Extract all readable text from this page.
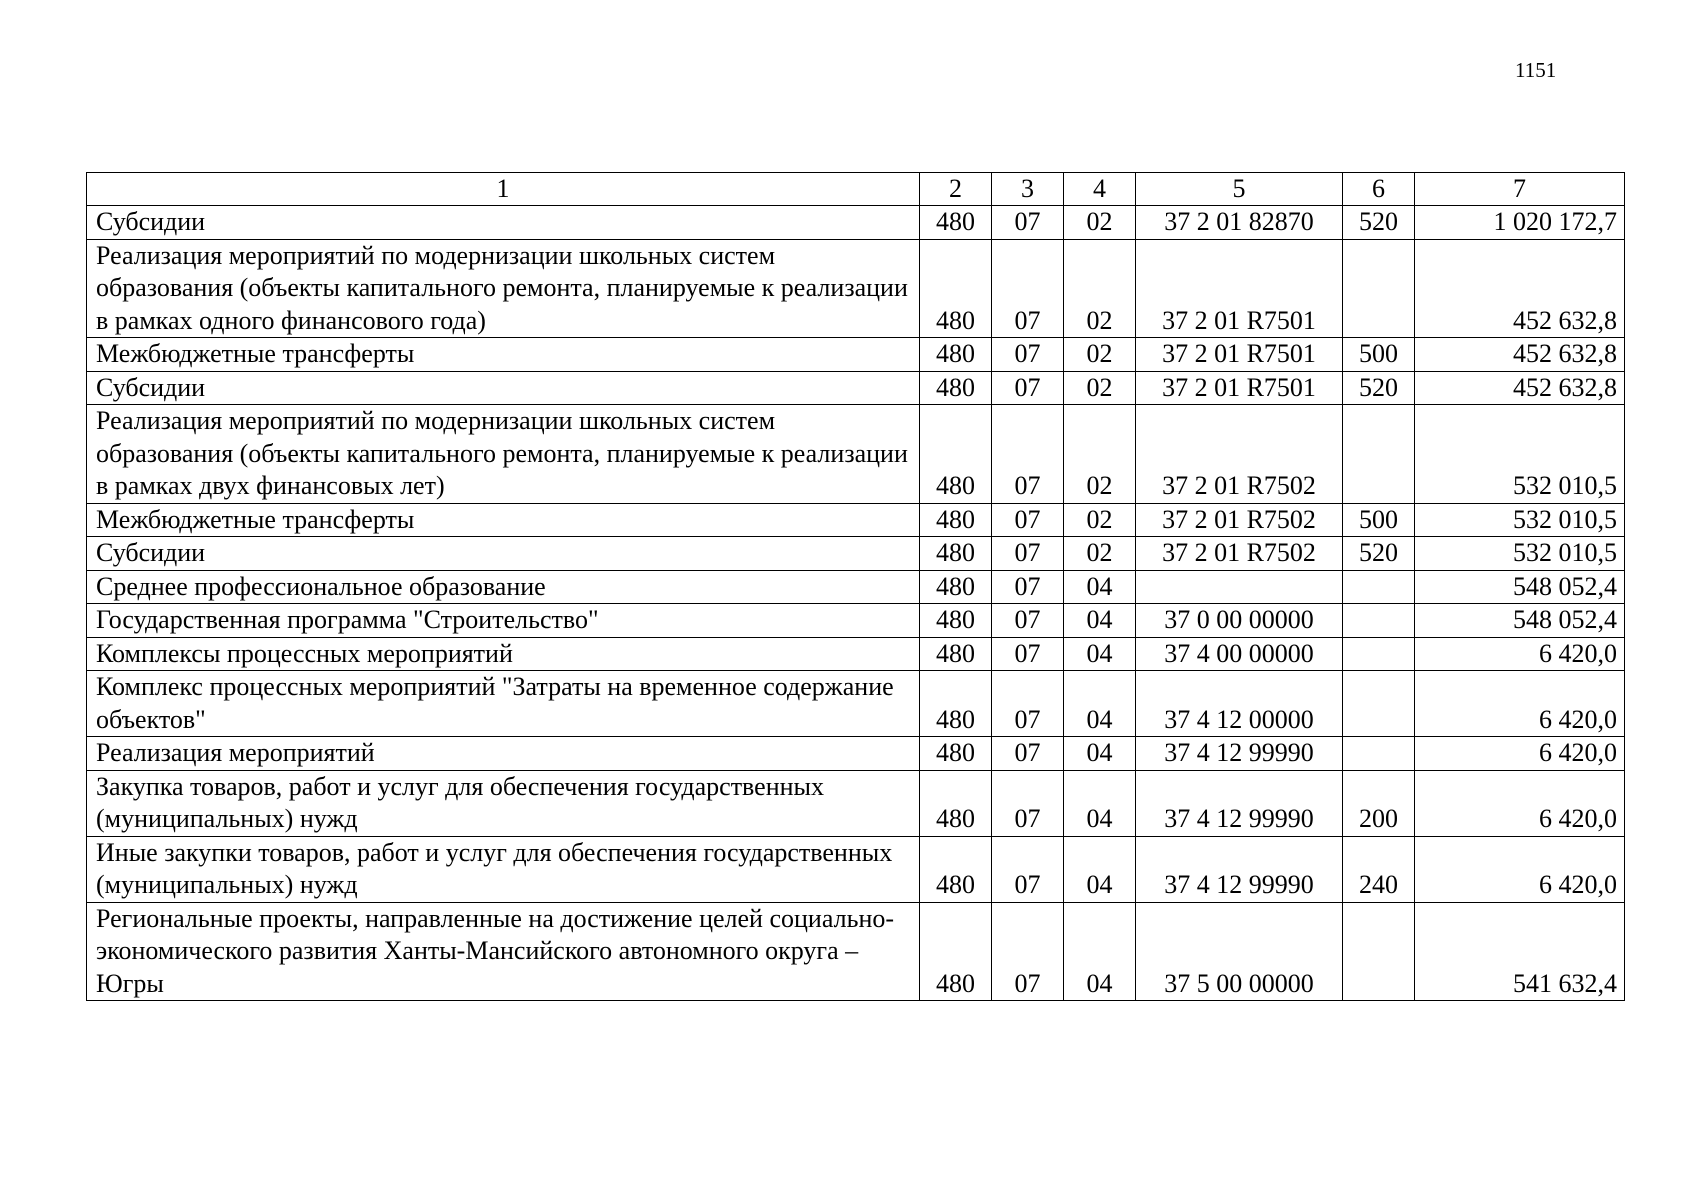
1151
1	2	3	4	5	6	7
Субсидии	480	07	02	37 2 01 82870	520	1 020 172,7
Реализация мероприятий по модернизации школьных систем образования (объекты капитального ремонта, планируемые к реализации в рамках одного финансового года)	480	07	02	37 2 01 R7501		452 632,8
Межбюджетные трансферты	480	07	02	37 2 01 R7501	500	452 632,8
Субсидии	480	07	02	37 2 01 R7501	520	452 632,8
Реализация мероприятий по модернизации школьных систем образования (объекты капитального ремонта, планируемые к реализации в рамках двух финансовых лет)	480	07	02	37 2 01 R7502		532 010,5
Межбюджетные трансферты	480	07	02	37 2 01 R7502	500	532 010,5
Субсидии	480	07	02	37 2 01 R7502	520	532 010,5
Среднее профессиональное образование	480	07	04			548 052,4
Государственная программа "Строительство"	480	07	04	37 0 00 00000		548 052,4
Комплексы процессных мероприятий	480	07	04	37 4 00 00000		6 420,0
Комплекс процессных мероприятий "Затраты на временное содержание объектов"	480	07	04	37 4 12 00000		6 420,0
Реализация мероприятий	480	07	04	37 4 12 99990		6 420,0
Закупка товаров, работ и услуг для обеспечения государственных (муниципальных) нужд	480	07	04	37 4 12 99990	200	6 420,0
Иные закупки товаров, работ и услуг для обеспечения государственных (муниципальных) нужд	480	07	04	37 4 12 99990	240	6 420,0
Региональные проекты, направленные на достижение целей социально-экономического развития Ханты-Мансийского автономного округа – Югры	480	07	04	37 5 00 00000		541 632,4
